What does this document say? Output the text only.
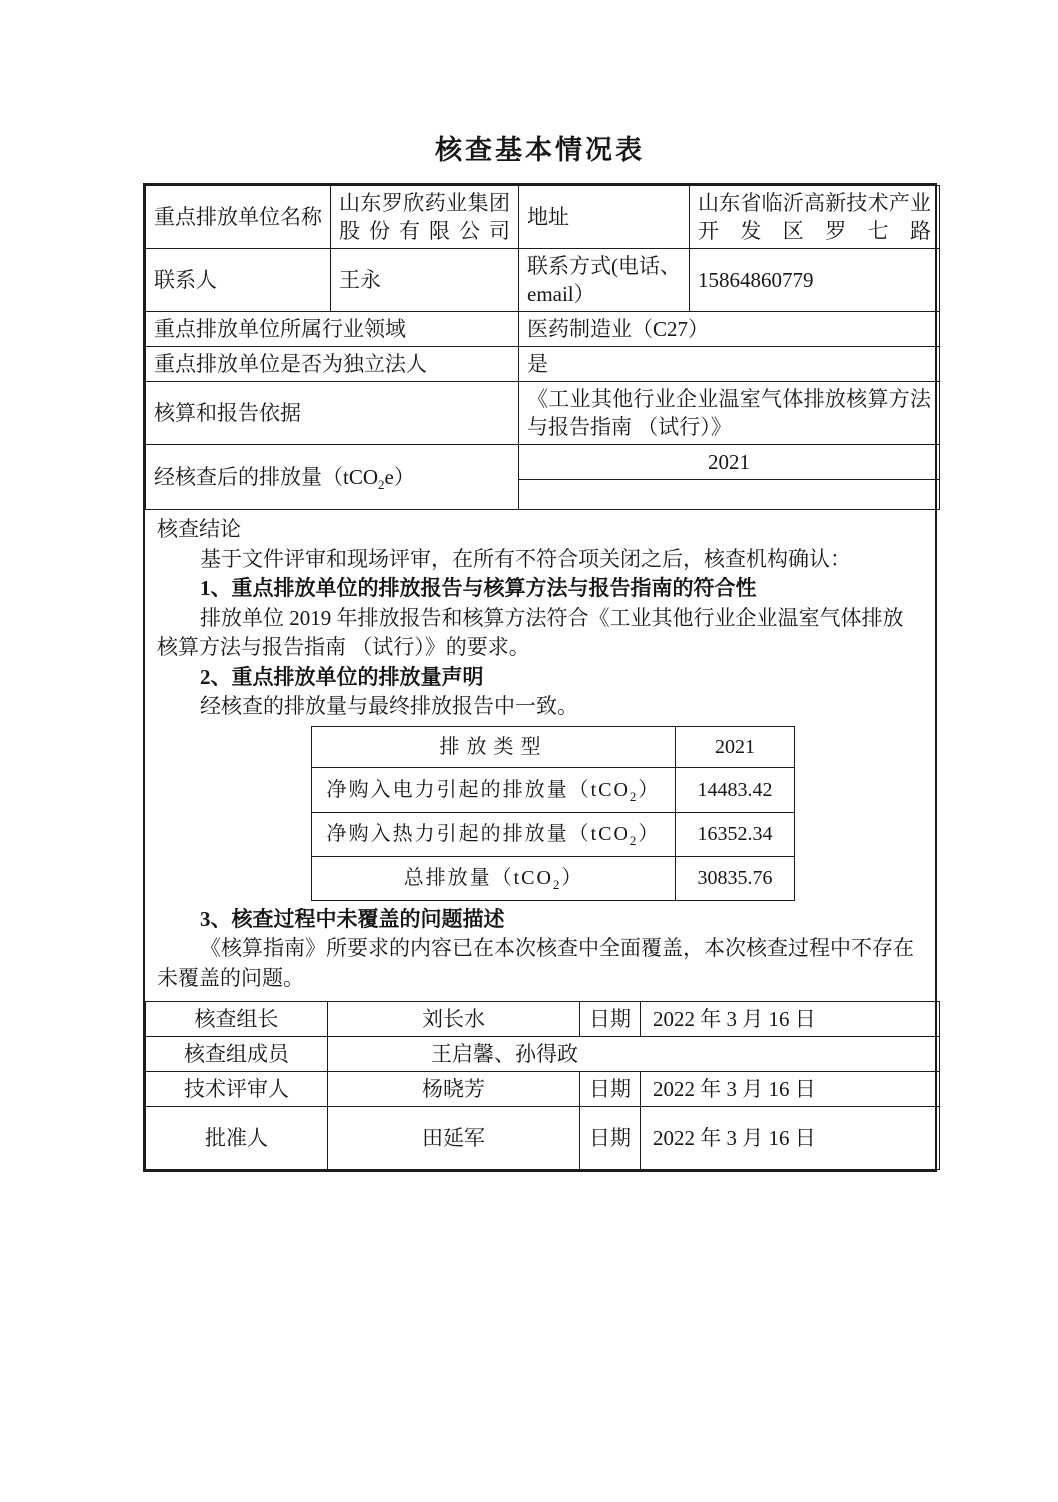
核查基本情况表
重点排放单位名称	山东罗欣药业集团股份有限公司	地址	山东省临沂高新技术产业开发区罗七路
联系人	王永	联系方式(电话、email）	15864860779
重点排放单位所属行业领域		医药制造业（C27）	
重点排放单位是否为独立法人		是	
核算和报告依据		《工业其他行业企业温室气体排放核算方法与报告指南 （试行）》	
经核查后的排放量（tCO$_2$e）		2021	

核查结论

基于文件评审和现场评审，在所有不符合项关闭之后，核查机构确认：

1、重点排放单位的排放报告与核算方法与报告指南的符合性

排放单位 2019 年排放报告和核算方法符合《工业其他行业企业温室气体排放核算方法与报告指南 （试行）》的要求。

2、重点排放单位的排放量声明

经核查的排放量与最终排放报告中一致。

排放类型	2021
净购入电力引起的排放量（tCO$_2$）	14483.42
净购入热力引起的排放量（tCO$_2$）	16352.34
总排放量（tCO$_2$）	30835.76

3、核查过程中未覆盖的问题描述

《核算指南》所要求的内容已在本次核查中全面覆盖，本次核查过程中不存在未覆盖的问题。

核查组长	刘长水	日期	2022 年 3 月 16 日
核查组成员	王启馨、孙得政		
技术评审人	杨晓芳	日期	2022 年 3 月 16 日
批准人	田延军	日期	2022 年 3 月 16 日
